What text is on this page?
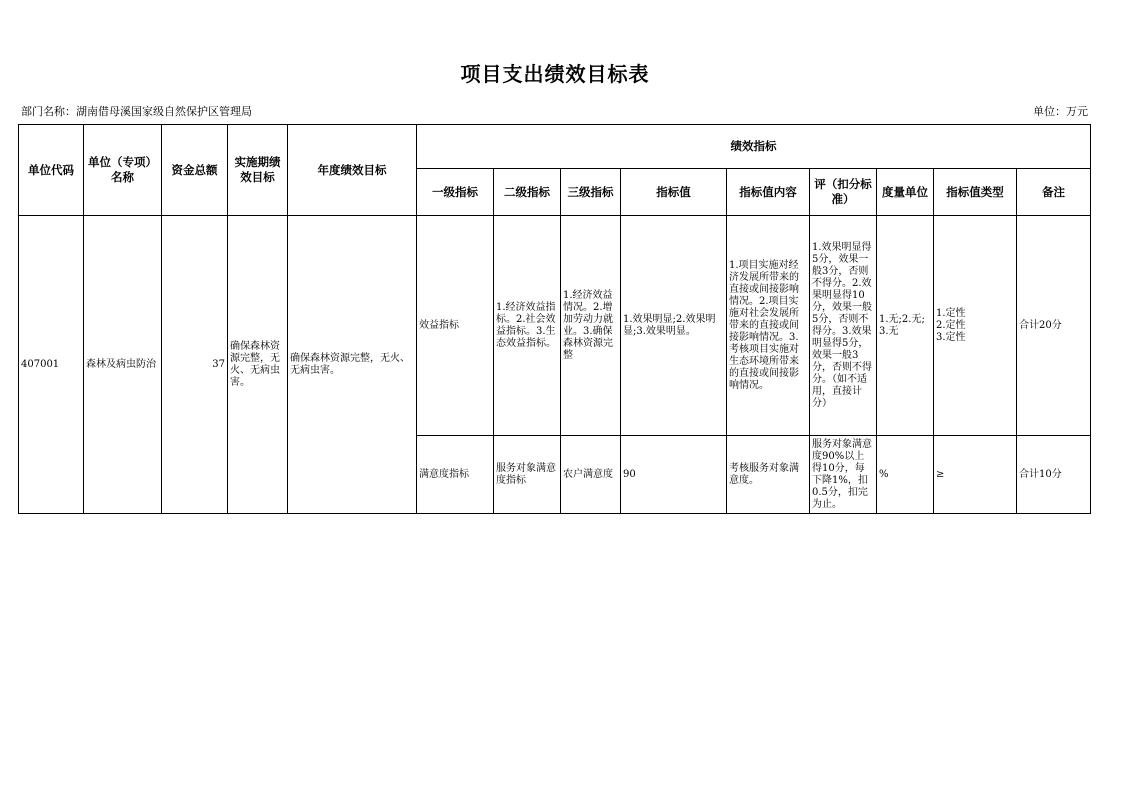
项目支出绩效目标表
部门名称：湖南借母溪国家级自然保护区管理局	单位：万元
单位代码	单位（专项）名称	资金总额	实施期绩效目标	年度绩效目标	绩效指标								
					一级指标	二级指标	三级指标	指标值	指标值内容	评（扣分标准）	度量单位	指标值类型	备注
407001	森林及病虫防治	37	确保森林资源完整，无火、无病虫害。	确保森林资源完整，无火、无病虫害。	效益指标	1.经济效益指标。2.社会效益指标。3.生态效益指标。	1.经济效益情况。2.增加劳动力就业。3.确保森林资源完整	1.效果明显;2.效果明显;3.效果明显。	1.项目实施对经济发展所带来的直接或间接影响情况。2.项目实施对社会发展所带来的直接或间接影响情况。3.考核项目实施对生态环境所带来的直接或间接影响情况。	1.效果明显得5分，效果一般3分，否则不得分。2.效果明显得10分，效果一般5分，否则不得分。3.效果明显得5分，效果一般3分，否则不得分。（如不适用，直接计分）	1.无;2.无;3.无	1.定性
2.定性
3.定性	合计20分
					满意度指标	服务对象满意度指标	农户满意度	90	考核服务对象满意度。	服务对象满意度90%以上得10分，每下降1%，扣0.5分，扣完为止。	%	≥	合计10分
